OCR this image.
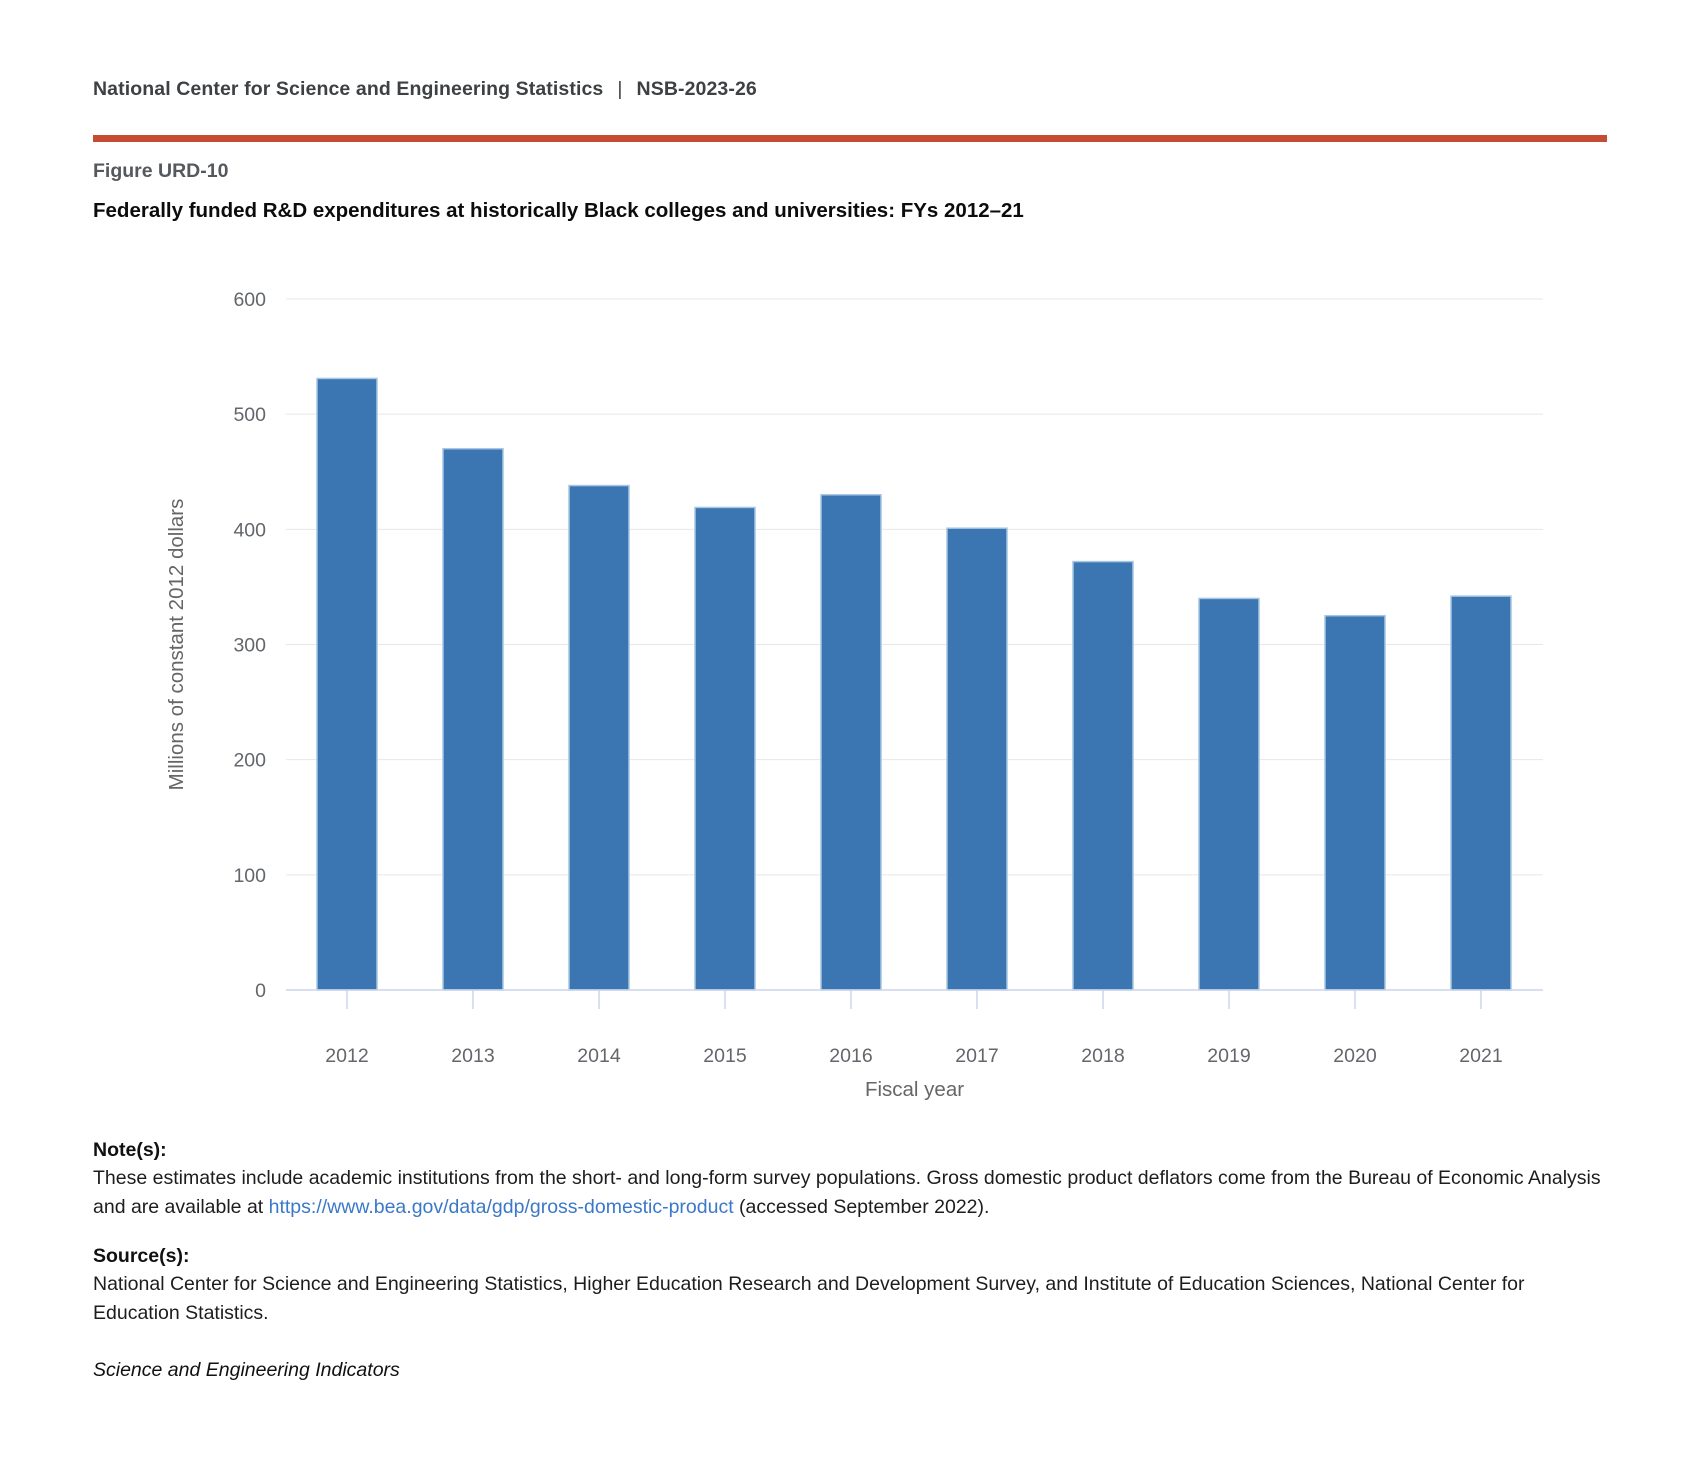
National Center for Science and Engineering Statistics | NSB-2023-26
Figure URD-10
Federally funded R&D expenditures at historically Black colleges and universities: FYs 2012–21
0
100
200
300
400
500
600
2012	2013	2014	2015	2016	2017	2018	2019	2020	2021
Fiscal year
Millions of constant 2012 dollars
Note(s):

These estimates include academic institutions from the short- and long-form survey populations. Gross domestic product deflators come from the Bureau of Economic Analysis and are available at https://www.bea.gov/data/gdp/gross-domestic-product (accessed September 2022).

Source(s):

National Center for Science and Engineering Statistics, Higher Education Research and Development Survey, and Institute of Education Sciences, National Center for Education Statistics.

Science and Engineering Indicators
